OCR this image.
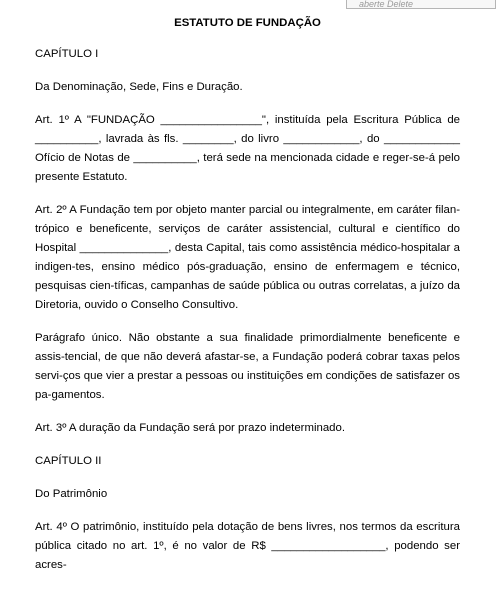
aberte Delete
ESTATUTO DE FUNDAÇÃO
CAPÍTULO I
Da Denominação, Sede, Fins e Duração.
Art. 1º A "FUNDAÇÃO ________________", instituída pela Escritura Pública de __________, lavrada às fls. ________, do livro ____________, do ____________ Ofício de Notas de __________, terá sede na mencionada cidade e reger-se-á pelo presente Estatuto.
Art. 2º A Fundação tem por objeto manter parcial ou integralmente, em caráter filan-trópico e beneficente, serviços de caráter assistencial, cultural e científico do Hospital ______________, desta Capital, tais como assistência médico-hospitalar a indigen-tes, ensino médico pós-graduação, ensino de enfermagem e técnico, pesquisas cien-tíficas, campanhas de saúde pública ou outras correlatas, a juízo da Diretoria, ouvido o Conselho Consultivo.
Parágrafo único. Não obstante a sua finalidade primordialmente beneficente e assis-tencial, de que não deverá afastar-se, a Fundação poderá cobrar taxas pelos servi-ços que vier a prestar a pessoas ou instituições em condições de satisfazer os pa-gamentos.
Art. 3º A duração da Fundação será por prazo indeterminado.
CAPÍTULO II
Do Patrimônio
Art. 4º O patrimônio, instituído pela dotação de bens livres, nos termos da escritura pública citado no art. 1º, é no valor de R$ __________________, podendo ser acres-
